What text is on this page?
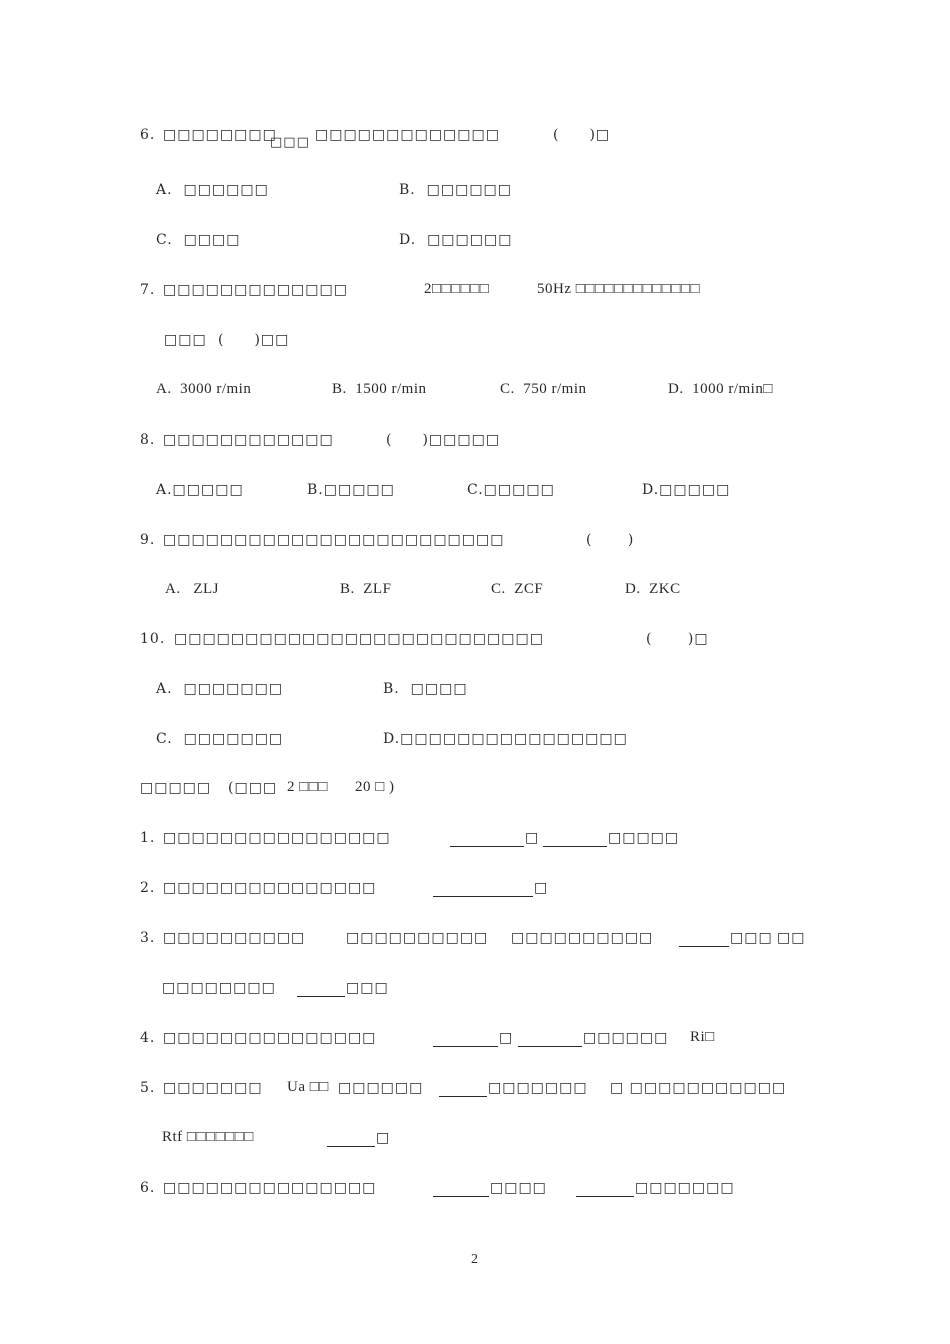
6. □□□□□□□□
□□□ □□□□□□□□□□□□□	(　　)□
A.  □□□□□□	B.  □□□□□□
C.  □□□□	D.  □□□□□□
7. □□□□□□□□□□□□□	2□□□□□□	50Hz □□□□□□□□□□□□□
□□□ (　　)□□
A.  3000 r/min	B.  1500 r/min	C.  750 r/min	D.  1000 r/min□
8. □□□□□□□□□□□□	(　　)□□□□□
A.□□□□□	B.□□□□□	C.□□□□□	D.□□□□□
9. □□□□□□□□□□□□□□□□□□□□□□□□	(　　 )
A.   ZLJ	B.  ZLF	C.  ZCF	D.  ZKC
10. □□□□□□□□□□□□□□□□□□□□□□□□□□	(　　 )□
A.  □□□□□□□	B.  □□□□
C.  □□□□□□□	D.□□□□□□□□□□□□□□□□
□□□□□ (□□□ 2 □□□ 20 □ )
1. □□□□□□□□□□□□□□□□	□	□□□□□
2. □□□□□□□□□□□□□□□	□
3. □□□□□□□□□□	□□□□□□□□□□ □□□□□□□□□□	□□□ □□
□□□□□□□□	□□□
4. □□□□□□□□□□□□□□□	□	□□□□□□ Ri□
5. □□□□□□□ Ua □□ □□□□□□	□□□□□□□ □ □□□□□□□□□□□
Rtf □□□□□□□	□
6. □□□□□□□□□□□□□□□	□□□□	□□□□□□□
2
